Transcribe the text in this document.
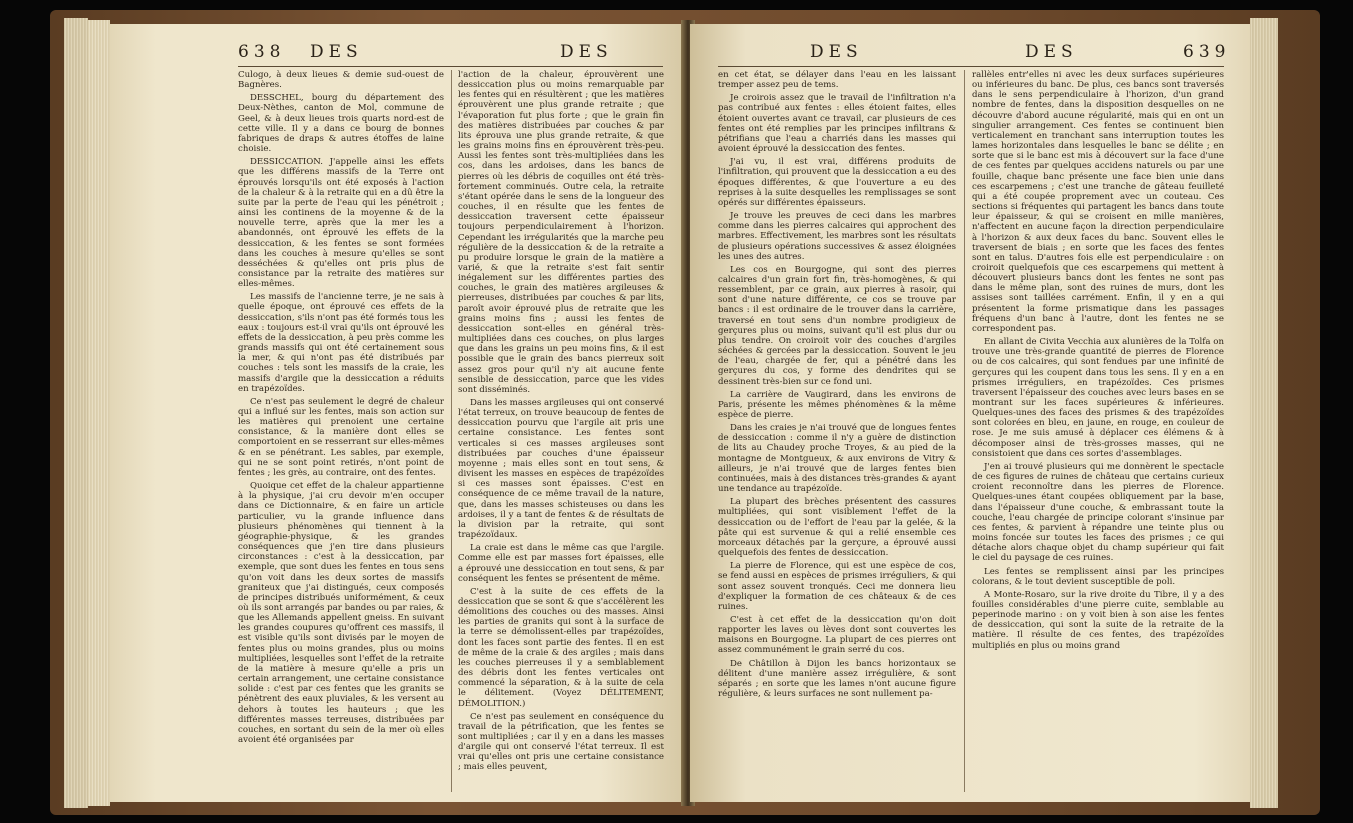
638 DES	DES

Culogo, à deux lieues & demie sud-ouest de Bagnères.

DESSCHEL, bourg du département des Deux-Nèthes, canton de Mol, commune de Geel, & à deux lieues trois quarts nord-est de cette ville. Il y a dans ce bourg de bonnes fabriques de draps & autres étoffes de laine choisie.

DESSICCATION. J'appelle ainsi les effets que les différens massifs de la Terre ont éprouvés lorsqu'ils ont été exposés à l'action de la chaleur & à la retraite qui en a dû être la suite par la perte de l'eau qui les pénétroit ; ainsi les continens de la moyenne & de la nouvelle terre, après que la mer les a abandonnés, ont éprouvé les effets de la dessiccation, & les fentes se sont formées dans les couches à mesure qu'elles se sont desséchées & qu'elles ont pris plus de consistance par la retraite des matières sur elles-mêmes.

Les massifs de l'ancienne terre, je ne sais à quelle époque, ont éprouvé ces effets de la dessiccation, s'ils n'ont pas été formés tous les eaux : toujours est-il vrai qu'ils ont éprouvé les effets de la dessiccation, à peu près comme les grands massifs qui ont été certainement sous la mer, & qui n'ont pas été distribués par couches : tels sont les massifs de la craie, les massifs d'argile que la dessiccation a réduits en trapézoïdes.

Ce n'est pas seulement le degré de chaleur qui a influé sur les fentes, mais son action sur les matières qui prenoient une certaine consistance, & la manière dont elles se comportoient en se resserrant sur elles-mêmes & en se pénétrant. Les sables, par exemple, qui ne se sont point retirés, n'ont point de fentes ; les grès, au contraire, ont des fentes.

Quoique cet effet de la chaleur appartienne à la physique, j'ai cru devoir m'en occuper dans ce Dictionnaire, & en faire un article particulier, vu la grande influence dans plusieurs phénomènes qui tiennent à la géographie-physique, & les grandes conséquences que j'en tire dans plusieurs circonstances : c'est à la dessiccation, par exemple, que sont dues les fentes en tous sens qu'on voit dans les deux sortes de massifs graniteux que j'ai distingués, ceux composés de principes distribués uniformément, & ceux où ils sont arrangés par bandes ou par raies, & que les Allemands appellent gneiss. En suivant les grandes coupures qu'offrent ces massifs, il est visible qu'ils sont divisés par le moyen de fentes plus ou moins grandes, plus ou moins multipliées, lesquelles sont l'effet de la retraite de la matière à mesure qu'elle a pris un certain arrangement, une certaine consistance solide : c'est par ces fentes que les granits se pénètrent des eaux pluviales, & les versent au dehors à toutes les hauteurs ; que les différentes masses terreuses, distribuées par couches, en sortant du sein de la mer où elles avoient été organisées par

l'action de la chaleur, éprouvèrent une dessiccation plus ou moins remarquable par les fentes qui en résultèrent ; que les matières éprouvèrent une plus grande retraite ; que l'évaporation fut plus forte ; que le grain fin des matières distribuées par couches & par lits éprouva une plus grande retraite, & que les grains moins fins en éprouvèrent très-peu. Aussi les fentes sont très-multipliées dans les cos, dans les ardoises, dans les bancs de pierres où les débris de coquilles ont été très-fortement comminués. Outre cela, la retraite s'étant opérée dans le sens de la longueur des couches, il en résulte que les fentes de dessiccation traversent cette épaisseur toujours perpendiculairement à l'horizon. Cependant les irrégularités que la marche peu régulière de la dessiccation & de la retraite a pu produire lorsque le grain de la matière a varié, & que la retraite s'est fait sentir inégalement sur les différentes parties des couches, le grain des matières argileuses & pierreuses, distribuées par couches & par lits, paroît avoir éprouvé plus de retraite que les grains moins fins ; aussi les fentes de dessiccation sont-elles en général très-multipliées dans ces couches, on plus larges que dans les grains un peu moins fins, & il est possible que le grain des bancs pierreux soit assez gros pour qu'il n'y ait aucune fente sensible de dessiccation, parce que les vides sont disséminés.

Dans les masses argileuses qui ont conservé l'état terreux, on trouve beaucoup de fentes de dessiccation pourvu que l'argile ait pris une certaine consistance. Les fentes sont verticales si ces masses argileuses sont distribuées par couches d'une épaisseur moyenne ; mais elles sont en tout sens, & divisent les masses en espèces de trapézoïdes si ces masses sont épaisses. C'est en conséquence de ce même travail de la nature, que, dans les masses schisteuses ou dans les ardoises, il y a tant de fentes & de résultats de la division par la retraite, qui sont trapézoïdaux.

La craie est dans le même cas que l'argile. Comme elle est par masses fort épaisses, elle a éprouvé une dessiccation en tout sens, & par conséquent les fentes se présentent de même.

C'est à la suite de ces effets de la dessiccation que se sont & que s'accélèrent les démolitions des couches ou des masses. Ainsi les parties de granits qui sont à la surface de la terre se démolissent-elles par trapézoïdes, dont les faces sont partie des fentes. Il en est de même de la craie & des argiles ; mais dans les couches pierreuses il y a semblablement des débris dont les fentes verticales ont commencé la séparation, & à la suite de cela le délitement. (Voyez DÉLITEMENT, DÉMOLITION.)

Ce n'est pas seulement en conséquence du travail de la pétrification, que les fentes se sont multipliées ; car il y en a dans les masses d'argile qui ont conservé l'état terreux. Il est vrai qu'elles ont pris une certaine consistance ; mais elles peuvent,

DES	DES	639

en cet état, se délayer dans l'eau en les laissant tremper assez peu de tems.

Je croirois assez que le travail de l'infiltration n'a pas contribué aux fentes : elles étoient faites, elles étoient ouvertes avant ce travail, car plusieurs de ces fentes ont été remplies par les principes infiltrans & pétrifians que l'eau a charriés dans les masses qui avoient éprouvé la dessiccation des fentes.

J'ai vu, il est vrai, différens produits de l'infiltration, qui prouvent que la dessiccation a eu des époques différentes, & que l'ouverture a eu des reprises à la suite desquelles les remplissages se sont opérés sur différentes épaisseurs.

Je trouve les preuves de ceci dans les marbres comme dans les pierres calcaires qui approchent des marbres. Effectivement, les marbres sont les résultats de plusieurs opérations successives & assez éloignées les unes des autres.

Les cos en Bourgogne, qui sont des pierres calcaires d'un grain fort fin, très-homogènes, & qui ressemblent, par ce grain, aux pierres à rasoir, qui sont d'une nature différente, ce cos se trouve par bancs : il est ordinaire de le trouver dans la carrière, traversé en tout sens d'un nombre prodigieux de gerçures plus ou moins, suivant qu'il est plus dur ou plus tendre. On croiroit voir des couches d'argiles séchées & gercées par la dessiccation. Souvent le jeu de l'eau, chargée de fer, qui a pénétré dans les gerçures du cos, y forme des dendrites qui se dessinent très-bien sur ce fond uni.

La carrière de Vaugirard, dans les environs de Paris, présente les mêmes phénomènes & la même espèce de pierre.

Dans les craies je n'ai trouvé que de longues fentes de dessiccation : comme il n'y a guère de distinction de lits au Chaudey proche Troyes, & au pied de la montagne de Montgueux, & aux environs de Vitry & ailleurs, je n'ai trouvé que de larges fentes bien continuées, mais à des distances très-grandes & ayant une tendance au trapézoïde.

La plupart des brèches présentent des cassures multipliées, qui sont visiblement l'effet de la dessiccation ou de l'effort de l'eau par la gelée, & la pâte qui est survenue & qui a relié ensemble ces morceaux détachés par la gerçure, a éprouvé aussi quelquefois des fentes de dessiccation.

La pierre de Florence, qui est une espèce de cos, se fend aussi en espèces de prismes irréguliers, & qui sont assez souvent tronqués. Ceci me donnera lieu d'expliquer la formation de ces châteaux & de ces ruines.

C'est à cet effet de la dessiccation qu'on doit rapporter les laves ou lèves dont sont couvertes les maisons en Bourgogne. La plupart de ces pierres ont assez communément le grain serré du cos.

De Châtillon à Dijon les bancs horizontaux se délitent d'une manière assez irrégulière, & sont séparés ; en sorte que les lames n'ont aucune figure régulière, & leurs surfaces ne sont nullement pa-

rallèles entr'elles ni avec les deux surfaces supérieures ou inférieures du banc. De plus, ces bancs sont traversés dans le sens perpendiculaire à l'horizon, d'un grand nombre de fentes, dans la disposition desquelles on ne découvre d'abord aucune régularité, mais qui en ont un singulier arrangement. Ces fentes se continuent bien verticalement en tranchant sans interruption toutes les lames horizontales dans lesquelles le banc se délite ; en sorte que si le banc est mis à découvert sur la face d'une de ces fentes par quelques accidens naturels ou par une fouille, chaque banc présente une face bien unie dans ces escarpemens ; c'est une tranche de gâteau feuilleté qui a été coupée proprement avec un couteau. Ces sections si fréquentes qui partagent les bancs dans toute leur épaisseur, & qui se croisent en mille manières, n'affectent en aucune façon la direction perpendiculaire à l'horizon & aux deux faces du banc. Souvent elles le traversent de biais ; en sorte que les faces des fentes sont en talus. D'autres fois elle est perpendiculaire : on croiroit quelquefois que ces escarpemens qui mettent à découvert plusieurs bancs dont les fentes ne sont pas dans le même plan, sont des ruines de murs, dont les assises sont taillées carrément. Enfin, il y en a qui présentent la forme prismatique dans les passages fréquens d'un banc à l'autre, dont les fentes ne se correspondent pas.

En allant de Civita Vecchia aux alunières de la Tolfa on trouve une très-grande quantité de pierres de Florence ou de cos calcaires, qui sont fendues par une infinité de gerçures qui les coupent dans tous les sens. Il y en a en prismes irréguliers, en trapézoïdes. Ces prismes traversent l'épaisseur des couches avec leurs bases en se montrant sur les faces supérieures & inférieures. Quelques-unes des faces des prismes & des trapézoïdes sont colorées en bleu, en jaune, en rouge, en couleur de rose. Je me suis amusé à déplacer ces élémens & à décomposer ainsi de très-grosses masses, qui ne consistoient que dans ces sortes d'assemblages.

J'en ai trouvé plusieurs qui me donnèrent le spectacle de ces figures de ruines de château que certains curieux croient reconnoître dans les pierres de Florence. Quelques-unes étant coupées obliquement par la base, dans l'épaisseur d'une couche, & embrassant toute la couche, l'eau chargée de principe colorant s'insinue par ces fentes, & parvient à répandre une teinte plus ou moins foncée sur toutes les faces des prismes ; ce qui détache alors chaque objet du champ supérieur qui fait le ciel du paysage de ces ruines.

Les fentes se remplissent ainsi par les principes colorans, & le tout devient susceptible de poli.

A Monte-Rosaro, sur la rive droite du Tibre, il y a des fouilles considérables d'une pierre cuite, semblable au peperinode marino : on y voit bien à son aise les fentes de dessiccation, qui sont la suite de la retraite de la matière. Il résulte de ces fentes, des trapézoïdes multipliés en plus ou moins grand
